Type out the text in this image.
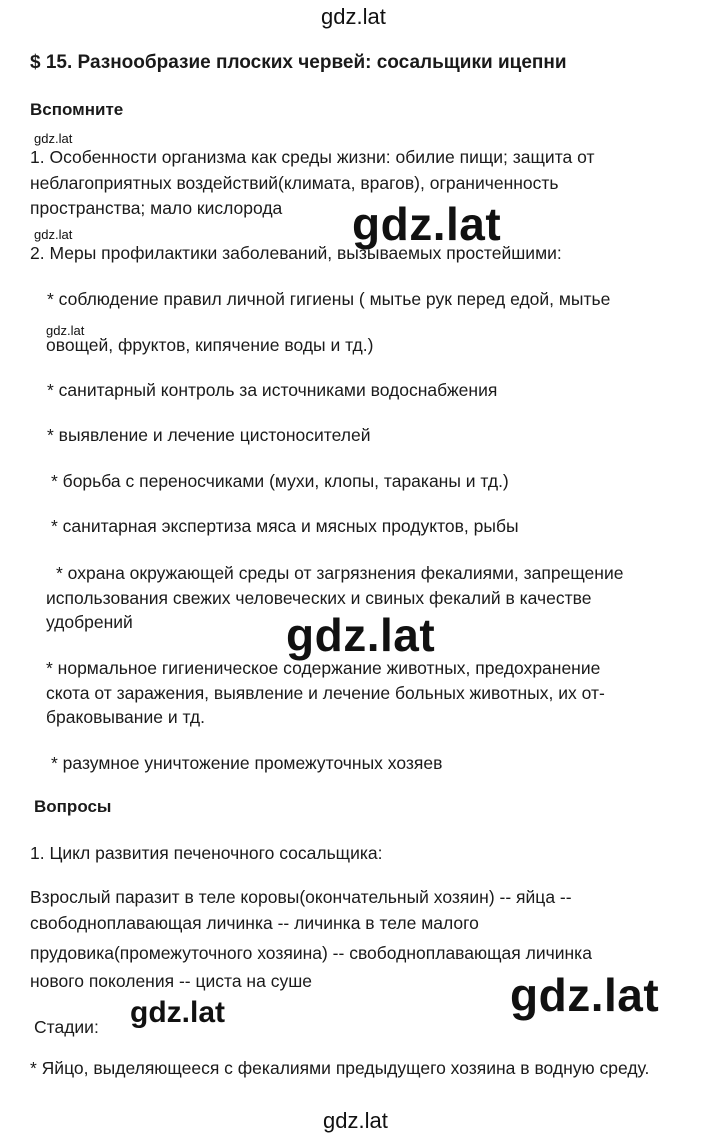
gdz.lat
$ 15. Разнообразие плоских червей: сосальщики ицепни
Вспомните
gdz.lat
1. Особенности организма как среды жизни: обилие пищи; защита от
неблагоприятных воздействий(климата, врагов), ограниченность
пространства; мало кислорода gdz.lat
gdz.lat
2. Меры профилактики заболеваний, вызываемых простейшими:
* соблюдение правил личной гигиены ( мытье рук перед едой, мытье
gdz.lat
овощей, фруктов, кипячение воды и тд.)
* санитарный контроль за источниками водоснабжения
* выявление и лечение цистоносителей
* борьба с переносчиками (мухи, клопы, тараканы и тд.)
* санитарная экспертиза мяса и мясных продуктов, рыбы
* охрана окружающей среды от загрязнения фекалиями, запрещение
использования свежих человеческих и свиных фекалий в качестве
удобрений	gdz.lat
* нормальное гигиеническое содержание животных, предохранение
скота от заражения, выявление и лечение больных животных, их от-
браковывание и тд.
* разумное уничтожение промежуточных хозяев
Вопросы
1. Цикл развития печеночного сосальщика:
Взрослый паразит в теле коровы(окончательный хозяин) -- яйца --
свободноплавающая личинка -- личинка в теле малого
прудовика(промежуточного хозяина) -- свободноплавающая личинка
нового поколения -- циста на суше	gdz.lat
Стадии: gdz.lat
* Яйцо, выделяющееся с фекалиями предыдущего хозяина в водную среду.
gdz.lat
